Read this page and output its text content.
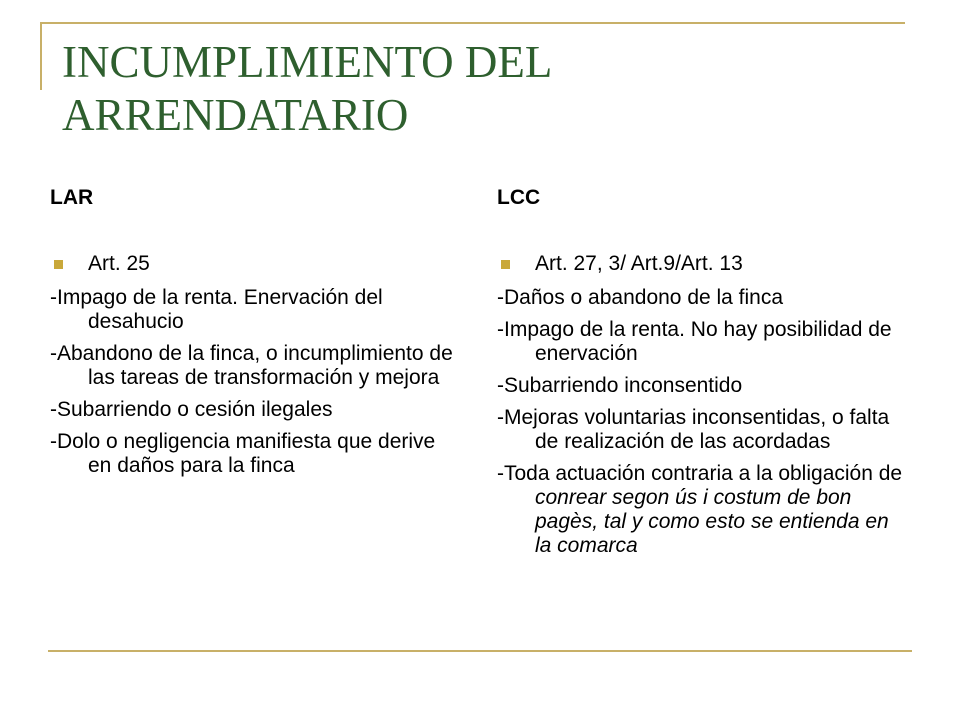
INCUMPLIMIENTO DEL ARRENDATARIO
LAR
Art. 25
-Impago de la renta. Enervación del desahucio
-Abandono de la finca, o incumplimiento de las tareas de transformación y mejora
-Subarriendo o cesión ilegales
-Dolo o negligencia manifiesta que derive en daños para la finca
LCC
Art. 27, 3/ Art.9/Art. 13
-Daños o abandono de la finca
-Impago de la renta. No hay posibilidad de enervación
-Subarriendo inconsentido
-Mejoras voluntarias inconsentidas, o falta de realización de las acordadas
-Toda actuación contraria a la obligación de conrear segon ús i costum de bon pagès, tal y como esto se entienda en la comarca
